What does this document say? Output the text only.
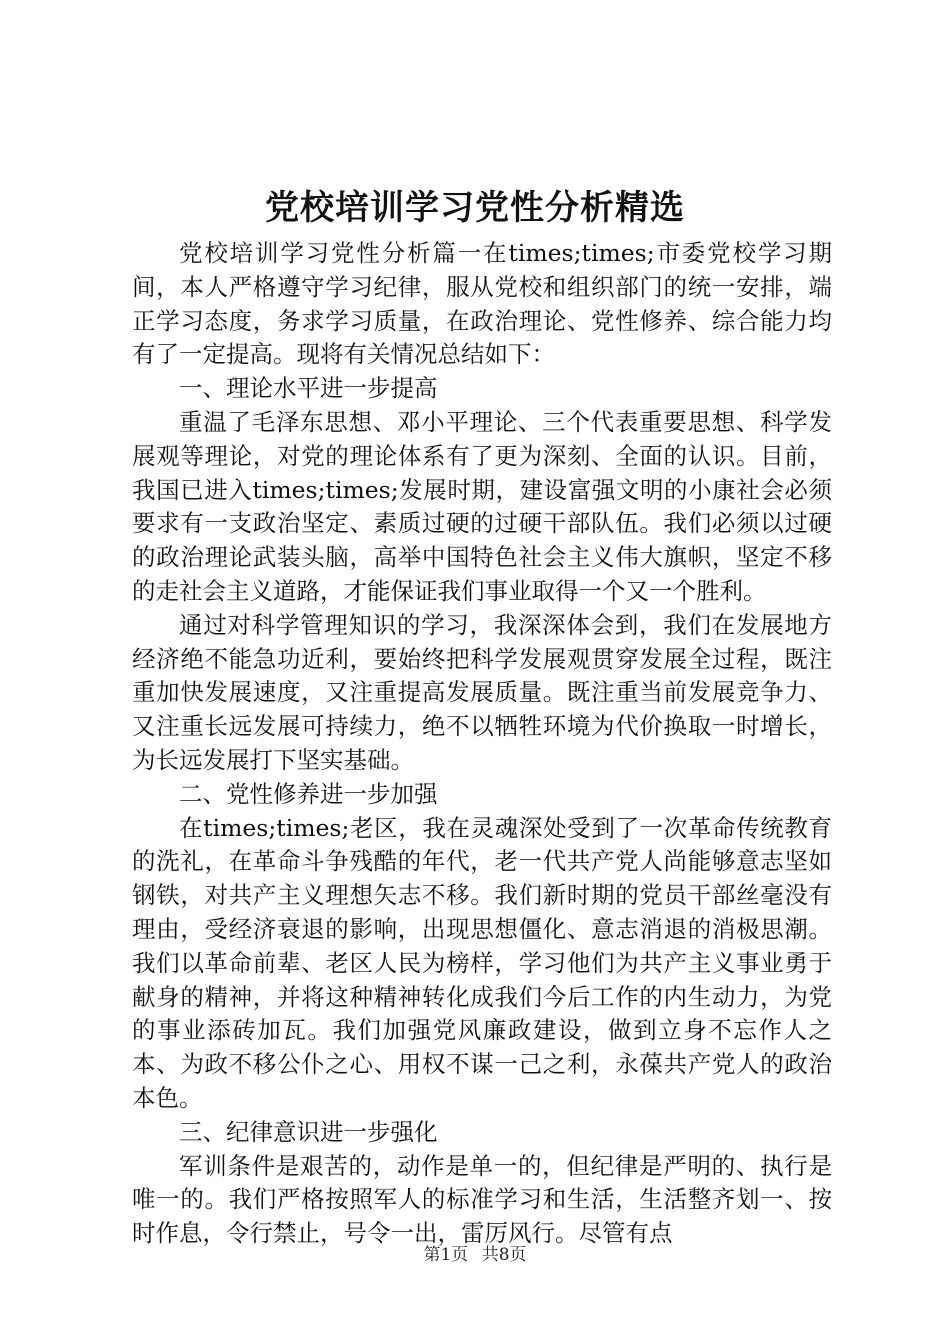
党校培训学习党性分析精选

党校培训学习党性分析篇一在times;times;市委党校学习期间，本人严格遵守学习纪律，服从党校和组织部门的统一安排，端正学习态度，务求学习质量，在政治理论、党性修养、综合能力均有了一定提高。现将有关情况总结如下：

一、理论水平进一步提高

重温了毛泽东思想、邓小平理论、三个代表重要思想、科学发展观等理论，对党的理论体系有了更为深刻、全面的认识。目前，我国已进入times;times;发展时期，建设富强文明的小康社会必须要求有一支政治坚定、素质过硬的过硬干部队伍。我们必须以过硬的政治理论武装头脑，高举中国特色社会主义伟大旗帜，坚定不移的走社会主义道路，才能保证我们事业取得一个又一个胜利。

通过对科学管理知识的学习，我深深体会到，我们在发展地方经济绝不能急功近利，要始终把科学发展观贯穿发展全过程，既注重加快发展速度，又注重提高发展质量。既注重当前发展竞争力、又注重长远发展可持续力，绝不以牺牲环境为代价换取一时增长，为长远发展打下坚实基础。

二、党性修养进一步加强

在times;times;老区，我在灵魂深处受到了一次革命传统教育的洗礼，在革命斗争残酷的年代，老一代共产党人尚能够意志坚如钢铁，对共产主义理想矢志不移。我们新时期的党员干部丝毫没有理由，受经济衰退的影响，出现思想僵化、意志消退的消极思潮。我们以革命前辈、老区人民为榜样，学习他们为共产主义事业勇于献身的精神，并将这种精神转化成我们今后工作的内生动力，为党的事业添砖加瓦。我们加强党风廉政建设，做到立身不忘作人之本、为政不移公仆之心、用权不谋一己之利，永葆共产党人的政治本色。

三、纪律意识进一步强化

军训条件是艰苦的，动作是单一的，但纪律是严明的、执行是唯一的。我们严格按照军人的标准学习和生活，生活整齐划一、按时作息，令行禁止，号令一出，雷厉风行。尽管有点

第1页 共8页
